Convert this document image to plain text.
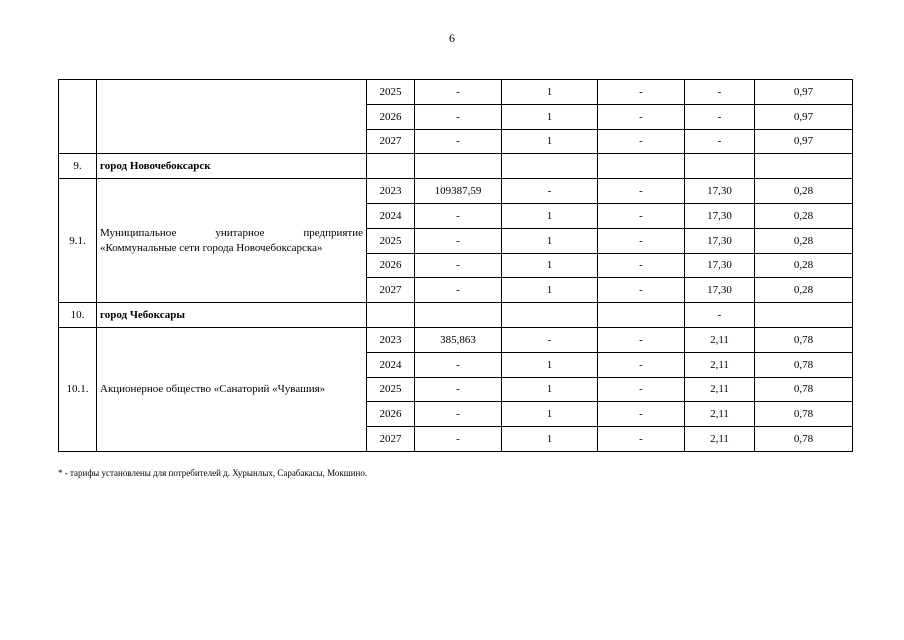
6
		2025	-	1	-	-	0,97
		2026	-	1	-	-	0,97
		2027	-	1	-	-	0,97
9.	город Новочебоксарск						
9.1.	Муниципальное унитарное предприятие «Коммунальные сети города Новочебоксарска»	2023	109387,59	-	-	17,30	0,28
		2024	-	1	-	17,30	0,28
		2025	-	1	-	17,30	0,28
		2026	-	1	-	17,30	0,28
		2027	-	1	-	17,30	0,28
10.	город Чебоксары					-	
10.1.	Акционерное общество «Санаторий «Чувашия»	2023	385,863	-	-	2,11	0,78
		2024	-	1	-	2,11	0,78
		2025	-	1	-	2,11	0,78
		2026	-	1	-	2,11	0,78
		2027	-	1	-	2,11	0,78
* - тарифы установлены для потребителей д. Хурынлых, Сарабакасы, Мокшино.
